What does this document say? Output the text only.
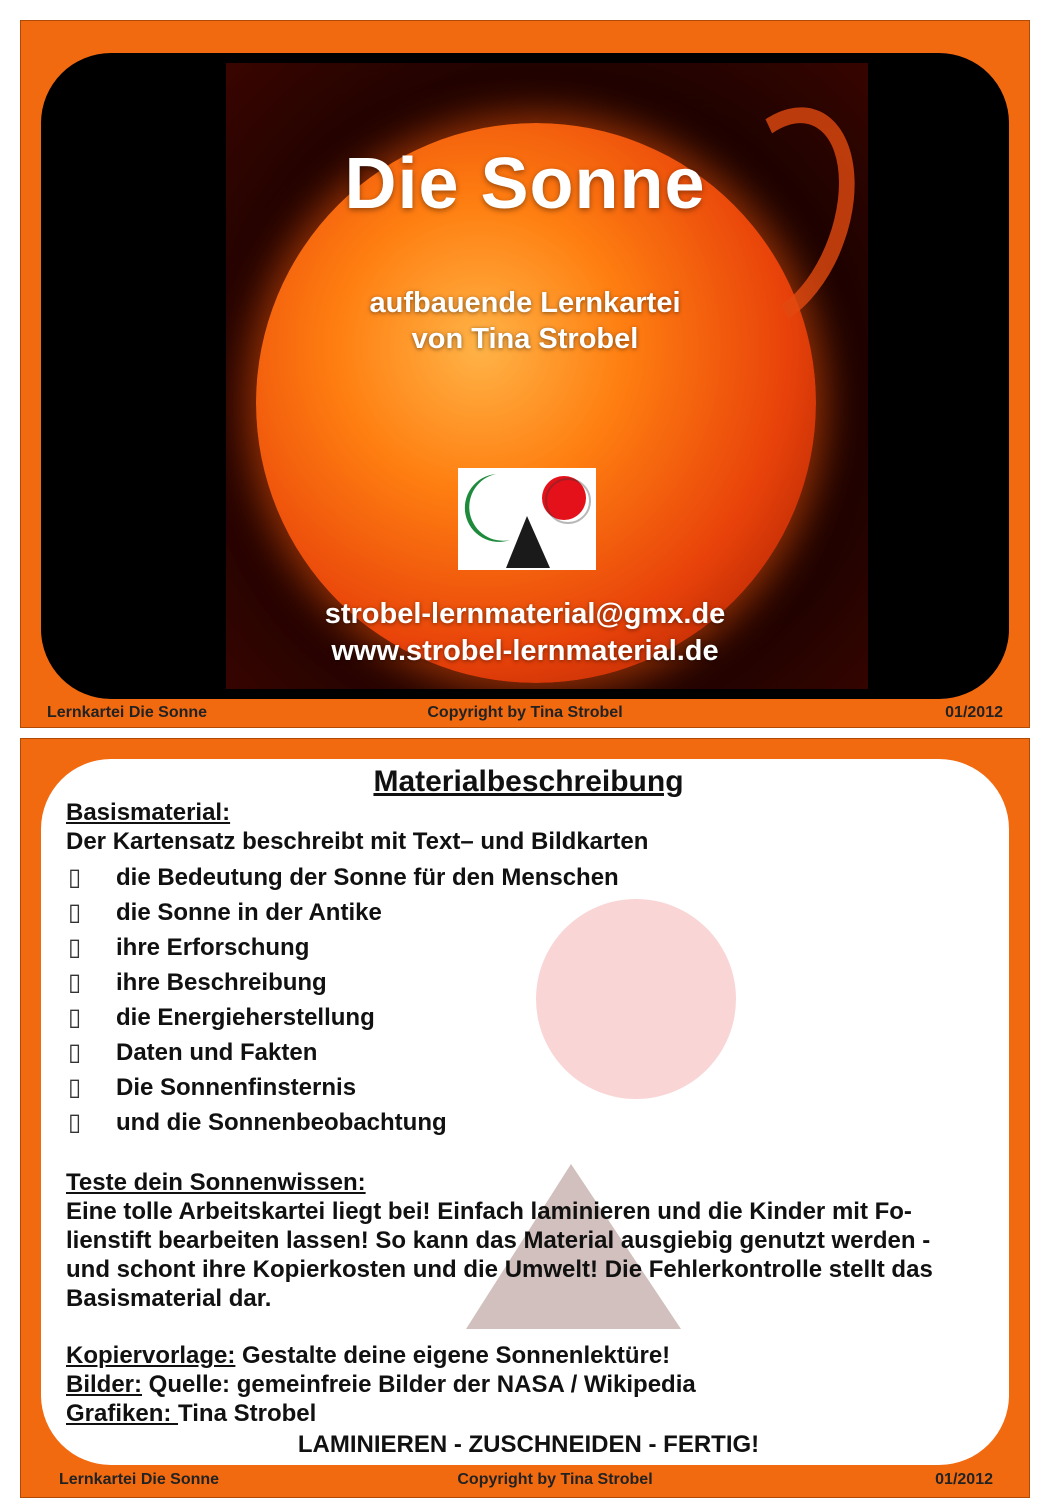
Die Sonne
aufbauende Lernkartei
von Tina Strobel
strobel-lernmaterial@gmx.de
www.strobel-lernmaterial.de
Lernkartei Die Sonne	Copyright by Tina Strobel	01/2012
Materialbeschreibung
Basismaterial:
Der Kartensatz beschreibt mit Text– und Bildkarten
▯ die Bedeutung der Sonne für den Menschen
▯ die Sonne in der Antike
▯ ihre Erforschung
▯ ihre Beschreibung
▯ die Energieherstellung
▯ Daten und Fakten
▯ Die Sonnenfinsternis
▯ und die Sonnenbeobachtung
Teste dein Sonnenwissen:
Eine tolle Arbeitskartei liegt bei! Einfach laminieren und die Kinder mit Fo-
lienstift bearbeiten lassen! So kann das Material ausgiebig genutzt werden -
und schont ihre Kopierkosten und die Umwelt! Die Fehlerkontrolle stellt das
Basismaterial dar.
Kopiervorlage: Gestalte deine eigene Sonnenlektüre!
Bilder: Quelle: gemeinfreie Bilder der NASA / Wikipedia
Grafiken: Tina Strobel
LAMINIEREN - ZUSCHNEIDEN - FERTIG!
Lernkartei Die Sonne	Copyright by Tina Strobel	01/2012
